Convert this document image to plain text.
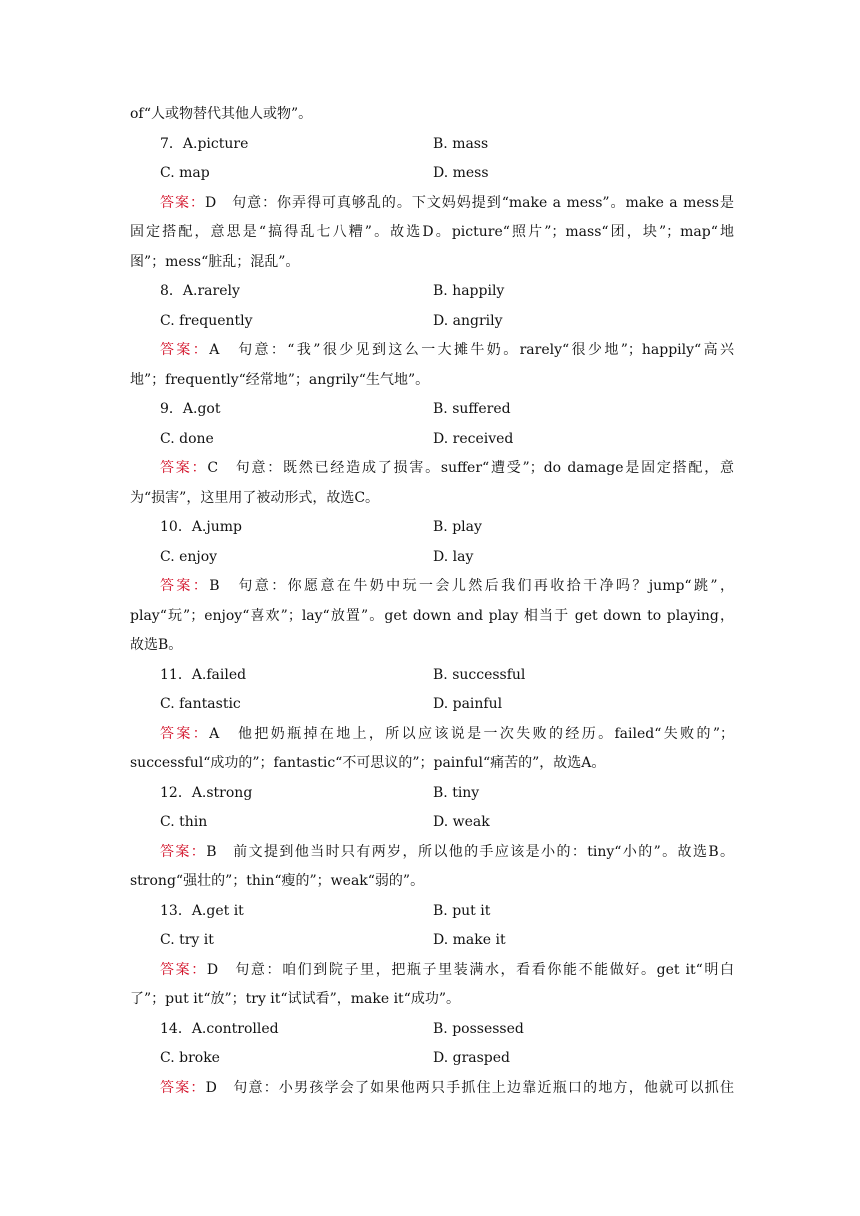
of“人或物替代其他人或物”。
7．A.picture	B. mass
C. map	D. mess
答案：D　句意：你弄得可真够乱的。下文妈妈提到“make a mess”。make a mess是
固定搭配，意思是“搞得乱七八糟”。故选D。picture“照片”；mass“团，块”；map“地
图”；mess“脏乱；混乱”。
8．A.rarely	B. happily
C. frequently	D. angrily
答案：A　句意：“我”很少见到这么一大摊牛奶。rarely“很少地”；happily“高兴
地”；frequently“经常地”；angrily“生气地”。
9．A.got	B. suffered
C. done	D. received
答案：C　句意：既然已经造成了损害。suffer“遭受”；do damage是固定搭配，意
为“损害”，这里用了被动形式，故选C。
10．A.jump	B. play
C. enjoy	D. lay
答案：B　句意：你愿意在牛奶中玩一会儿然后我们再收拾干净吗？jump“跳”，
play“玩”；enjoy“喜欢”；lay“放置”。get down and play 相当于 get down to playing，
故选B。
11．A.failed	B. successful
C. fantastic	D. painful
答案：A　他把奶瓶掉在地上，所以应该说是一次失败的经历。failed“失败的”；
successful“成功的”；fantastic“不可思议的”；painful“痛苦的”，故选A。
12．A.strong	B. tiny
C. thin	D. weak
答案：B　前文提到他当时只有两岁，所以他的手应该是小的：tiny“小的”。故选B。
strong“强壮的”；thin“瘦的”；weak“弱的”。
13．A.get it	B. put it
C. try it	D. make it
答案：D　句意：咱们到院子里，把瓶子里装满水，看看你能不能做好。get it“明白
了”；put it“放”；try it“试试看”，make it“成功”。
14．A.controlled	B. possessed
C. broke	D. grasped
答案：D　句意：小男孩学会了如果他两只手抓住上边靠近瓶口的地方，他就可以抓住
